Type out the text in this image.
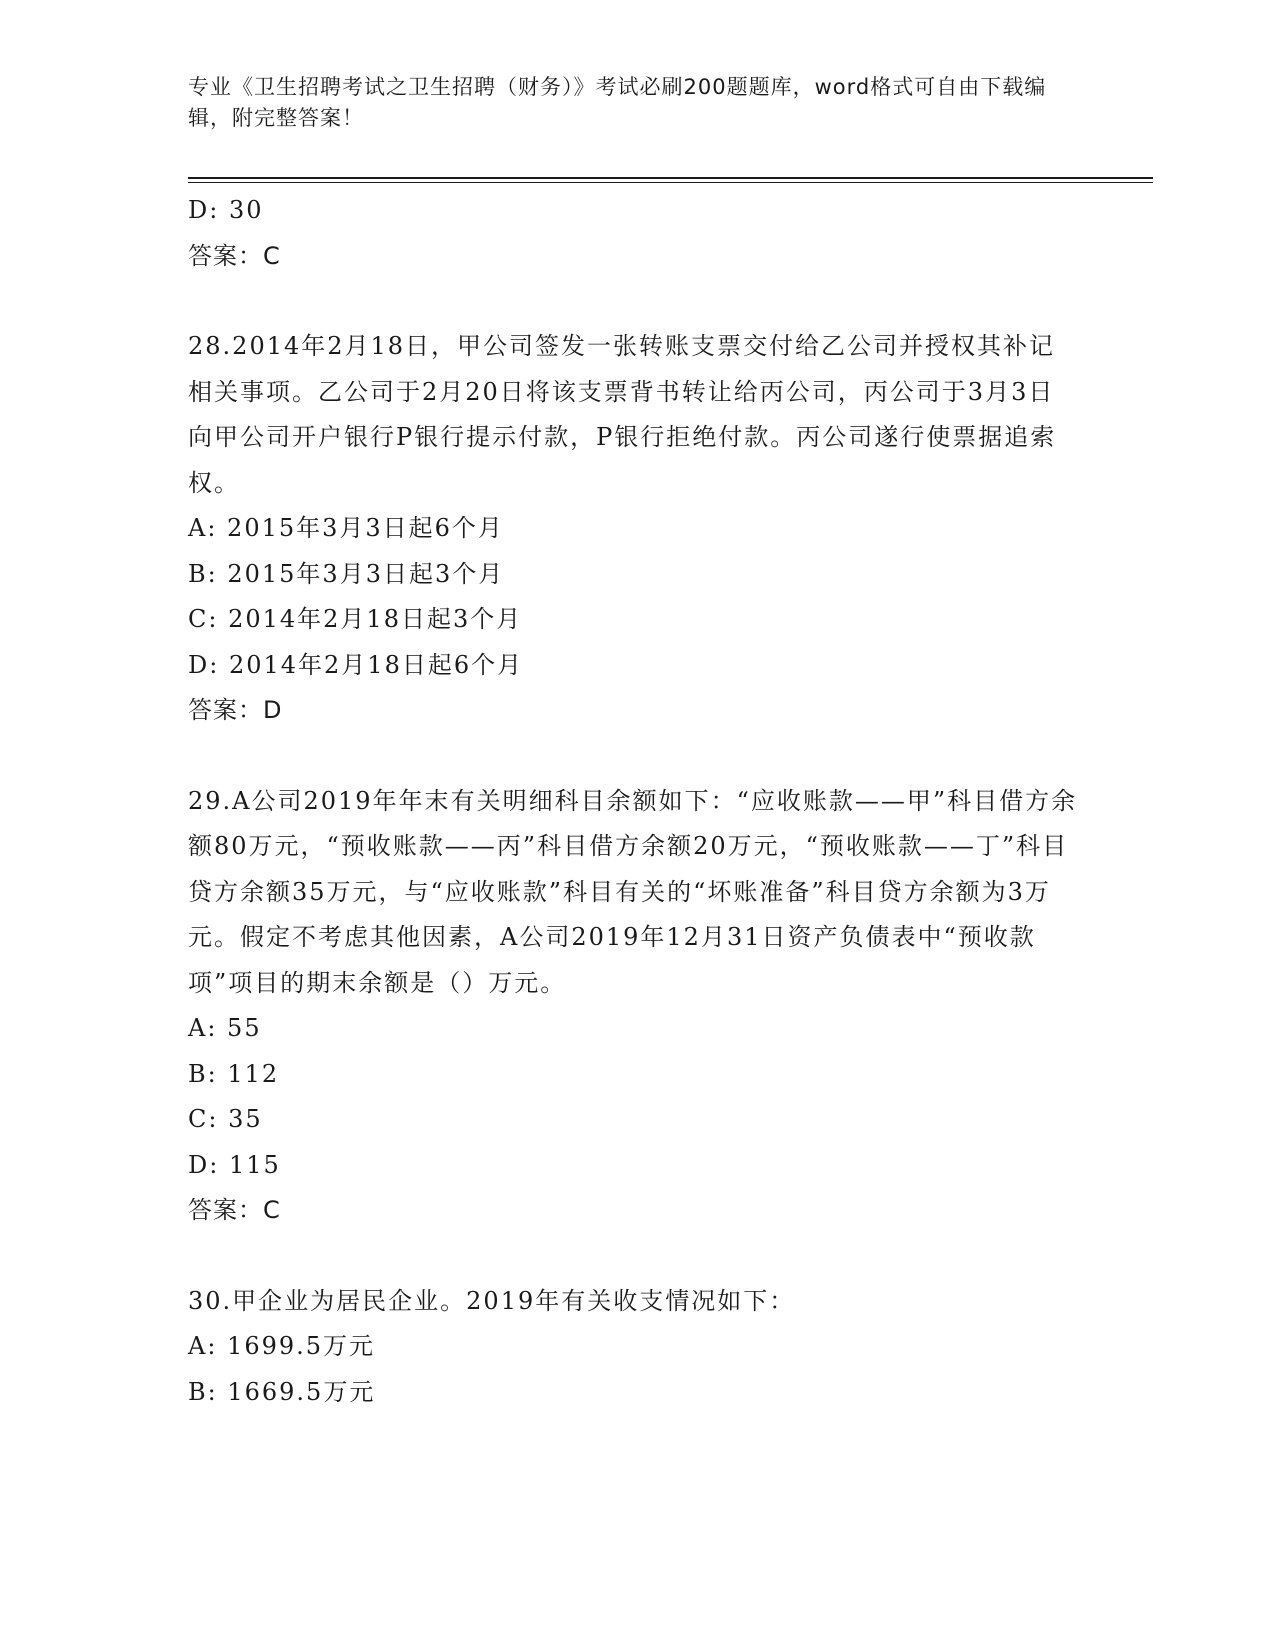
专业《卫生招聘考试之卫生招聘（财务）》考试必刷200题题库，word格式可自由下载编辑，附完整答案！

D: 30

答案：C

28.2014年2月18日，甲公司签发一张转账支票交付给乙公司并授权其补记相关事项。乙公司于2月20日将该支票背书转让给丙公司，丙公司于3月3日向甲公司开户银行P银行提示付款，P银行拒绝付款。丙公司遂行使票据追索权。

A: 2015年3月3日起6个月

B: 2015年3月3日起3个月

C: 2014年2月18日起3个月

D: 2014年2月18日起6个月

答案：D

29.A公司2019年年末有关明细科目余额如下：“应收账款——甲”科目借方余额80万元，“预收账款——丙”科目借方余额20万元，“预收账款——丁”科目贷方余额35万元，与“应收账款”科目有关的“坏账准备”科目贷方余额为3万元。假定不考虑其他因素，A公司2019年12月31日资产负债表中“预收款项”项目的期末余额是（）万元。

A: 55

B: 112

C: 35

D: 115

答案：C

30.甲企业为居民企业。2019年有关收支情况如下：

A: 1699.5万元

B: 1669.5万元
